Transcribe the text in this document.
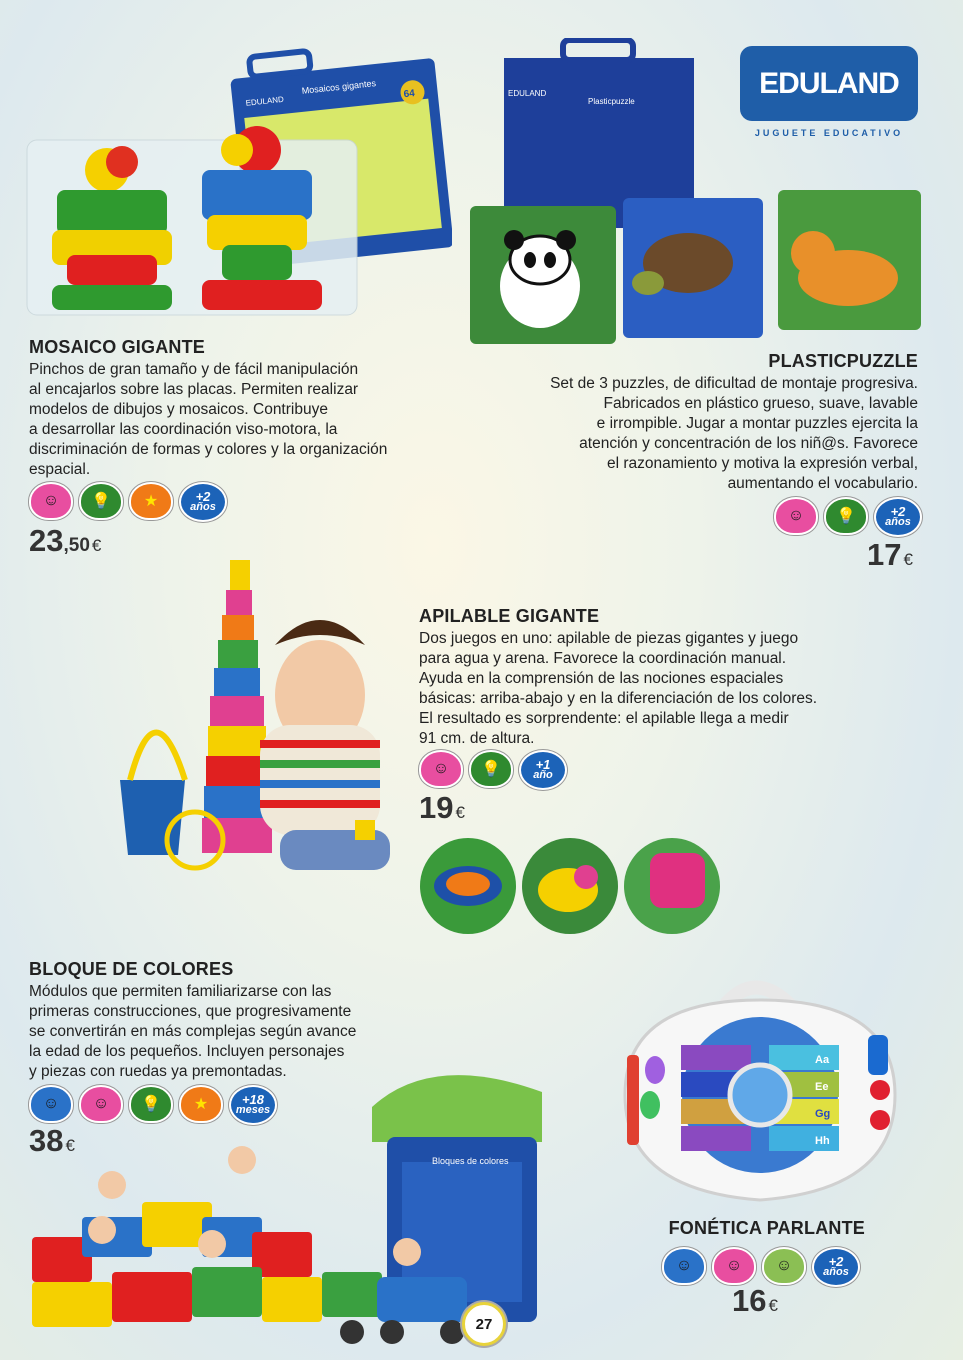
EDULAND
JUGUETE EDUCATIVO
Mosaicos gigantes
EDULAND
64
MOSAICO GIGANTE
Pinchos de gran tamaño y de fácil manipulación
al encajarlos sobre las placas. Permiten realizar
modelos de dibujos y mosaicos. Contribuye
a desarrollar las coordinación viso-motora, la
discriminación de formas y colores y la organización
espacial.
☺	💡	★	+2
años
23,50 €
EDULAND
Plasticpuzzle
PLASTICPUZZLE
Set de 3 puzzles, de dificultad de montaje progresiva.
Fabricados en plástico grueso, suave, lavable
e irrompible. Jugar a montar puzzles ejercita la
atención y concentración de los niñ@s. Favorece
el razonamiento y motiva la expresión verbal,
aumentando el vocabulario.
☺	💡	+2
años
17 €
APILABLE GIGANTE
Dos juegos en uno: apilable de piezas gigantes y juego
para agua y arena. Favorece la coordinación manual.
Ayuda en la comprensión de las nociones espaciales
básicas: arriba-abajo y en la diferenciación de los colores.
El resultado es sorprendente: el apilable llega a medir
91 cm. de altura.
☺	💡	+1
año
19 €
BLOQUE DE COLORES
Módulos que permiten familiarizarse con las
primeras construcciones, que progresivamente
se convertirán en más complejas según avance
la edad de los pequeños. Incluyen personajes
y piezas con ruedas ya premontadas.
☺	☺	💡	★	+18
meses
38 €
Bloques de colores
Aa
Gg
Hh
Ee
FONÉTICA PARLANTE
☺	☺	☺	+2
años
16 €
27
